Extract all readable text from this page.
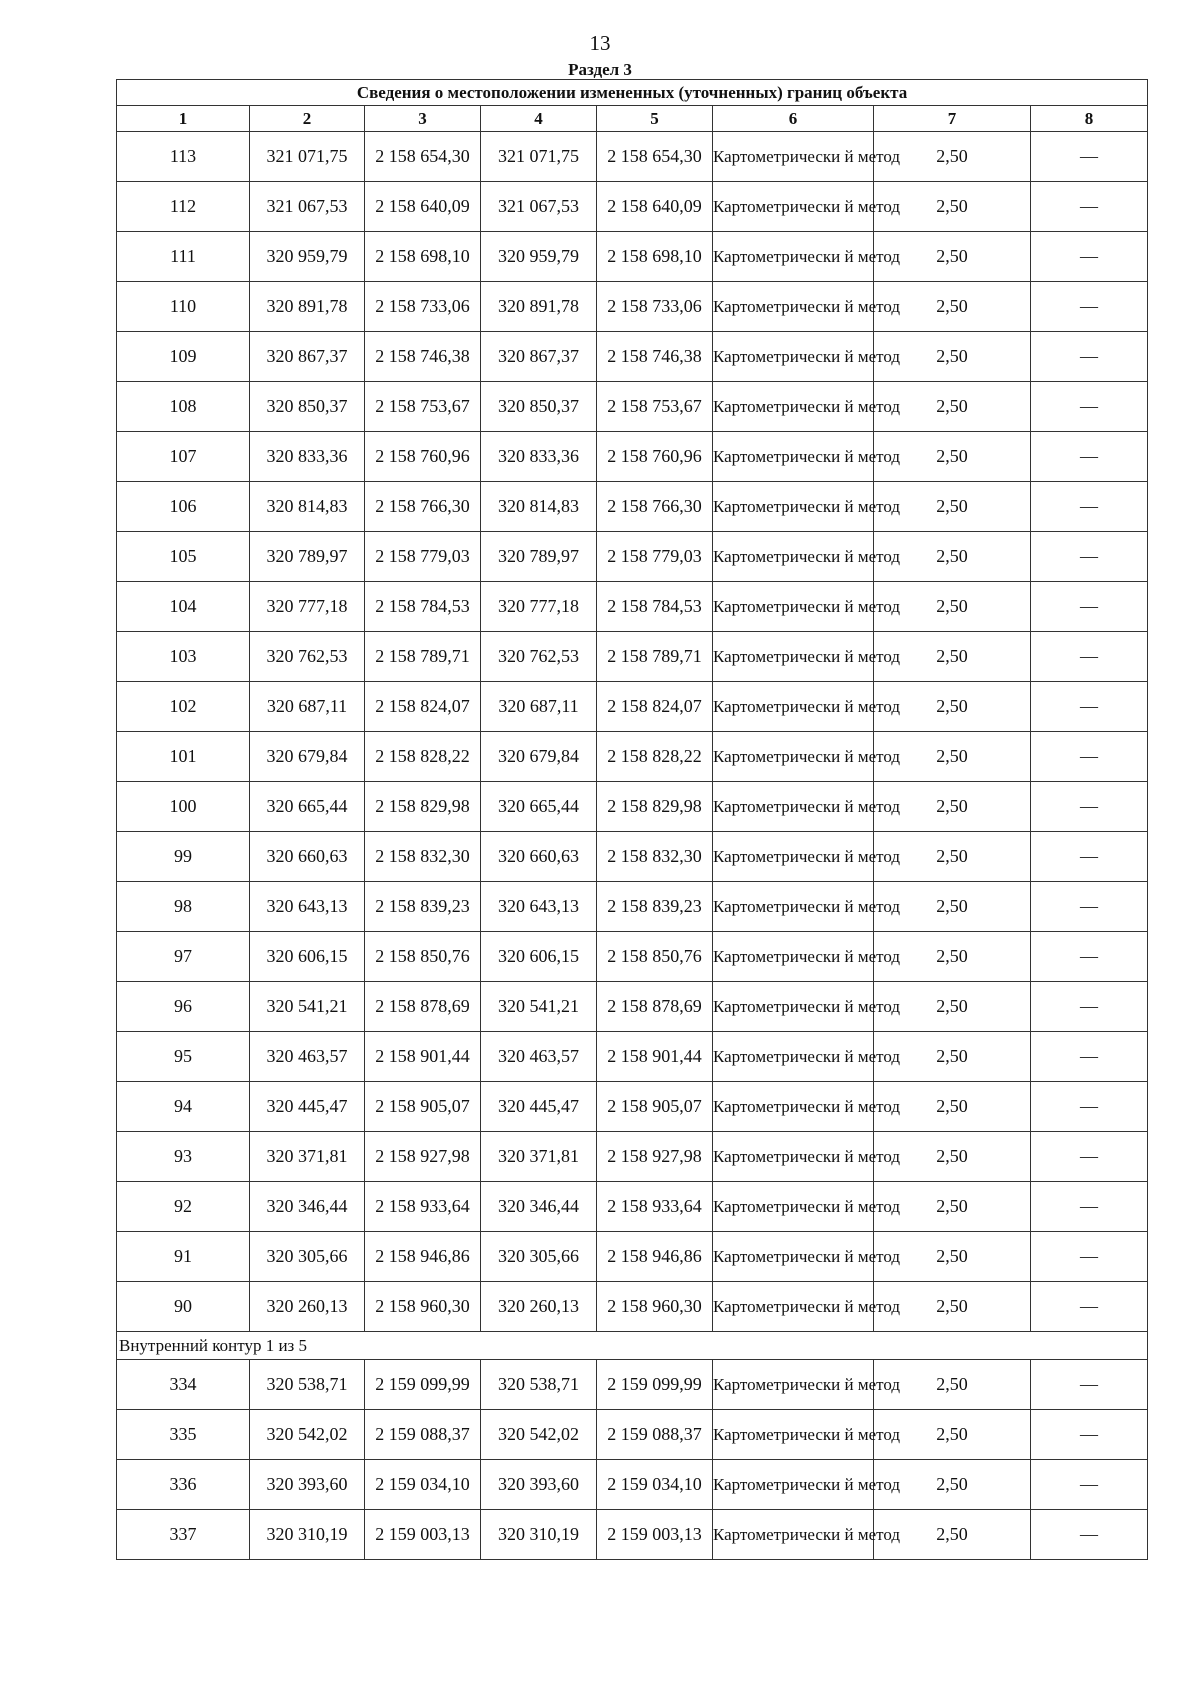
13
Раздел 3
Сведения о местоположении измененных (уточненных) границ объекта							
1	2	3	4	5	6	7	8
113	321 071,75	2 158 654,30	321 071,75	2 158 654,30	Картометрически й метод	2,50	—
112	321 067,53	2 158 640,09	321 067,53	2 158 640,09	Картометрически й метод	2,50	—
111	320 959,79	2 158 698,10	320 959,79	2 158 698,10	Картометрически й метод	2,50	—
110	320 891,78	2 158 733,06	320 891,78	2 158 733,06	Картометрически й метод	2,50	—
109	320 867,37	2 158 746,38	320 867,37	2 158 746,38	Картометрически й метод	2,50	—
108	320 850,37	2 158 753,67	320 850,37	2 158 753,67	Картометрически й метод	2,50	—
107	320 833,36	2 158 760,96	320 833,36	2 158 760,96	Картометрически й метод	2,50	—
106	320 814,83	2 158 766,30	320 814,83	2 158 766,30	Картометрически й метод	2,50	—
105	320 789,97	2 158 779,03	320 789,97	2 158 779,03	Картометрически й метод	2,50	—
104	320 777,18	2 158 784,53	320 777,18	2 158 784,53	Картометрически й метод	2,50	—
103	320 762,53	2 158 789,71	320 762,53	2 158 789,71	Картометрически й метод	2,50	—
102	320 687,11	2 158 824,07	320 687,11	2 158 824,07	Картометрически й метод	2,50	—
101	320 679,84	2 158 828,22	320 679,84	2 158 828,22	Картометрически й метод	2,50	—
100	320 665,44	2 158 829,98	320 665,44	2 158 829,98	Картометрически й метод	2,50	—
99	320 660,63	2 158 832,30	320 660,63	2 158 832,30	Картометрически й метод	2,50	—
98	320 643,13	2 158 839,23	320 643,13	2 158 839,23	Картометрически й метод	2,50	—
97	320 606,15	2 158 850,76	320 606,15	2 158 850,76	Картометрически й метод	2,50	—
96	320 541,21	2 158 878,69	320 541,21	2 158 878,69	Картометрически й метод	2,50	—
95	320 463,57	2 158 901,44	320 463,57	2 158 901,44	Картометрически й метод	2,50	—
94	320 445,47	2 158 905,07	320 445,47	2 158 905,07	Картометрически й метод	2,50	—
93	320 371,81	2 158 927,98	320 371,81	2 158 927,98	Картометрически й метод	2,50	—
92	320 346,44	2 158 933,64	320 346,44	2 158 933,64	Картометрически й метод	2,50	—
91	320 305,66	2 158 946,86	320 305,66	2 158 946,86	Картометрически й метод	2,50	—
90	320 260,13	2 158 960,30	320 260,13	2 158 960,30	Картометрически й метод	2,50	—
Внутренний контур 1 из 5							
334	320 538,71	2 159 099,99	320 538,71	2 159 099,99	Картометрически й метод	2,50	—
335	320 542,02	2 159 088,37	320 542,02	2 159 088,37	Картометрически й метод	2,50	—
336	320 393,60	2 159 034,10	320 393,60	2 159 034,10	Картометрически й метод	2,50	—
337	320 310,19	2 159 003,13	320 310,19	2 159 003,13	Картометрически й метод	2,50	—
